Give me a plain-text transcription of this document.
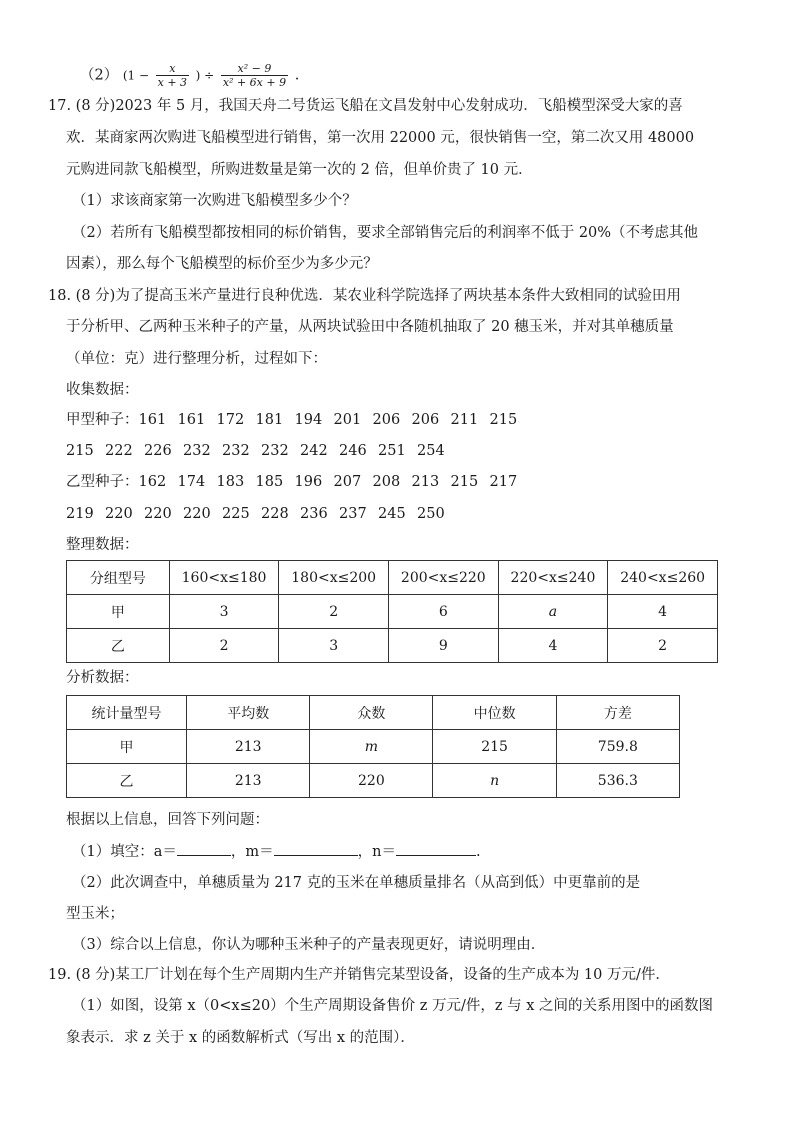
（2） ($1 - \frac{x}{x + 3}$ ) ÷ $\frac{\text{x² − 9}}{\text{x² + 6x + 9}}$ .
17. (8 分)2023 年 5 月，我国天舟二号货运飞船在文昌发射中心发射成功．飞船模型深受大家的喜
欢．某商家两次购进飞船模型进行销售，第一次用 22000 元，很快销售一空，第二次又用 48000
元购进同款飞船模型，所购进数量是第一次的 2 倍，但单价贵了 10 元．
（1）求该商家第一次购进飞船模型多少个？
（2）若所有飞船模型都按相同的标价销售，要求全部销售完后的利润率不低于 20%（不考虑其他
因素），那么每个飞船模型的标价至少为多少元？
18. (8 分)为了提高玉米产量进行良种优选．某农业科学院选择了两块基本条件大致相同的试验田用
于分析甲、乙两种玉米种子的产量，从两块试验田中各随机抽取了 20 穗玉米，并对其单穗质量
（单位：克）进行整理分析，过程如下：
收集数据：
甲型种子：161 161 172 181 194 201 206 206 211 215
215 222 226 232 232 232 242 246 251 254
乙型种子：162 174 183 185 196 207 208 213 215 217
219 220 220 220 225 228 236 237 245 250
整理数据：
分组型号	160<x≤180	180<x≤200	200<x≤220	220<x≤240	240<x≤260
甲	3	2	6	a	4
乙	2	3	9	4	2
分析数据：
统计量型号	平均数	众数	中位数	方差
甲	213	m	215	759.8
乙	213	220	n	536.3
根据以上信息，回答下列问题：
（1）填空：a＝	，m＝	，n＝	.
（2）此次调查中，单穗质量为 217 克的玉米在单穗质量排名（从高到低）中更靠前的是
型玉米；
（3）综合以上信息，你认为哪种玉米种子的产量表现更好，请说明理由．
19. (8 分)某工厂计划在每个生产周期内生产并销售完某型设备，设备的生产成本为 10 万元/件．
（1）如图，设第 x（0<x≤20）个生产周期设备售价 z 万元/件，z 与 x 之间的关系用图中的函数图
象表示．求 z 关于 x 的函数解析式（写出 x 的范围）．
